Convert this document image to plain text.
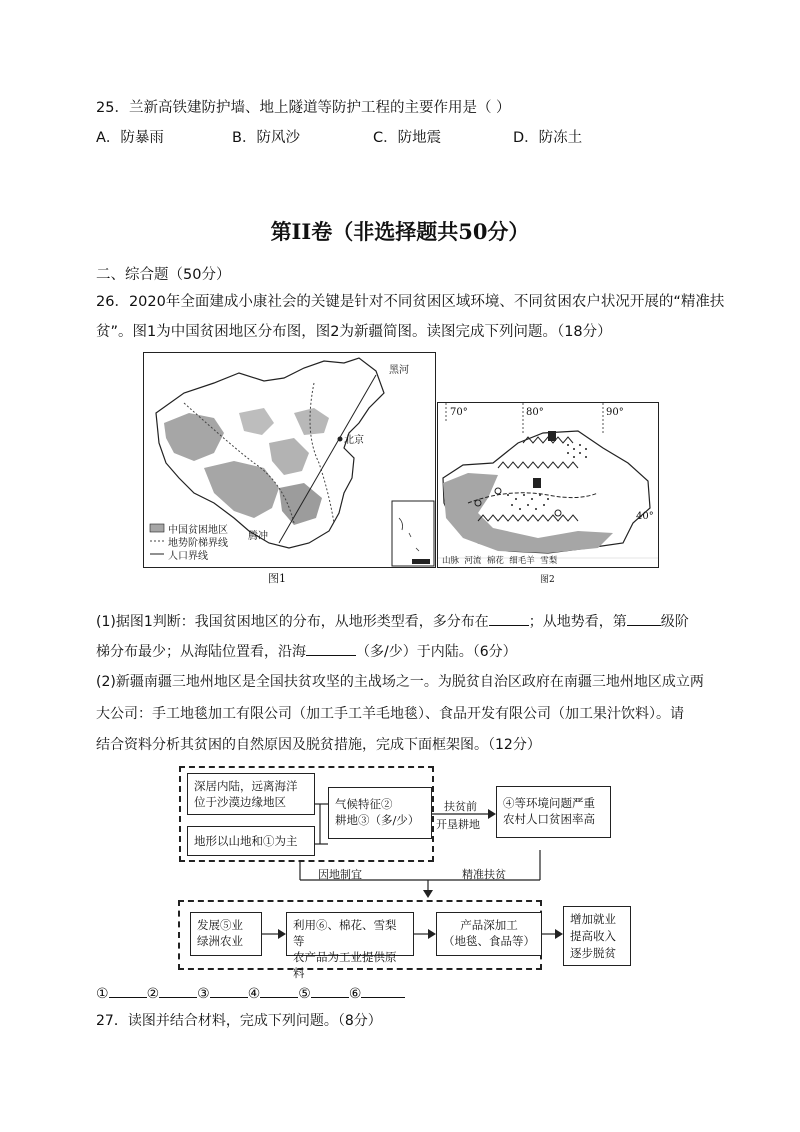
25．兰新高铁建防护墙、地上隧道等防护工程的主要作用是（ ）
A．防暴雨	B．防风沙	C．防地震	D．防冻土
第II卷（非选择题共50分）
二、综合题（50分）
26．2020年全面建成小康社会的关键是针对不同贫困区域环境、不同贫困农户状况开展的“精准扶
贫”。图1为中国贫困地区分布图，图2为新疆简图。读图完成下列问题。（18分）
黑河
北京
腾冲
中国贫困地区
地势阶梯界线
人口界线
图1
70°	80°	90°
40°
山脉 河流 棉花 细毛羊 雪梨
图2
(1)据图1判断：我国贫困地区的分布，从地形类型看，多分布在	；从地势看，第 级阶
梯分布最少；从海陆位置看，沿海	（多/少）于内陆。（6分）
(2)新疆南疆三地州地区是全国扶贫攻坚的主战场之一。为脱贫自治区政府在南疆三地州地区成立两
大公司：手工地毯加工有限公司（加工手工羊毛地毯）、食品开发有限公司（加工果汁饮料）。请
结合资料分析其贫困的自然原因及脱贫措施，完成下面框架图。（12分）
深居内陆，远离海洋
位于沙漠边缘地区
地形以山地和①为主
气候特征②
耕地③（多/少）
扶贫前
开垦耕地
④等环境问题严重
农村人口贫困率高
因地制宜	精准扶贫
发展⑤业
绿洲农业
利用⑥、棉花、雪梨等
农产品为工业提供原料
产品深加工
（地毯、食品等）
增加就业
提高收入
逐步脱贫
①	②	③	④	⑤	⑥
27．读图并结合材料，完成下列问题。（8分）
